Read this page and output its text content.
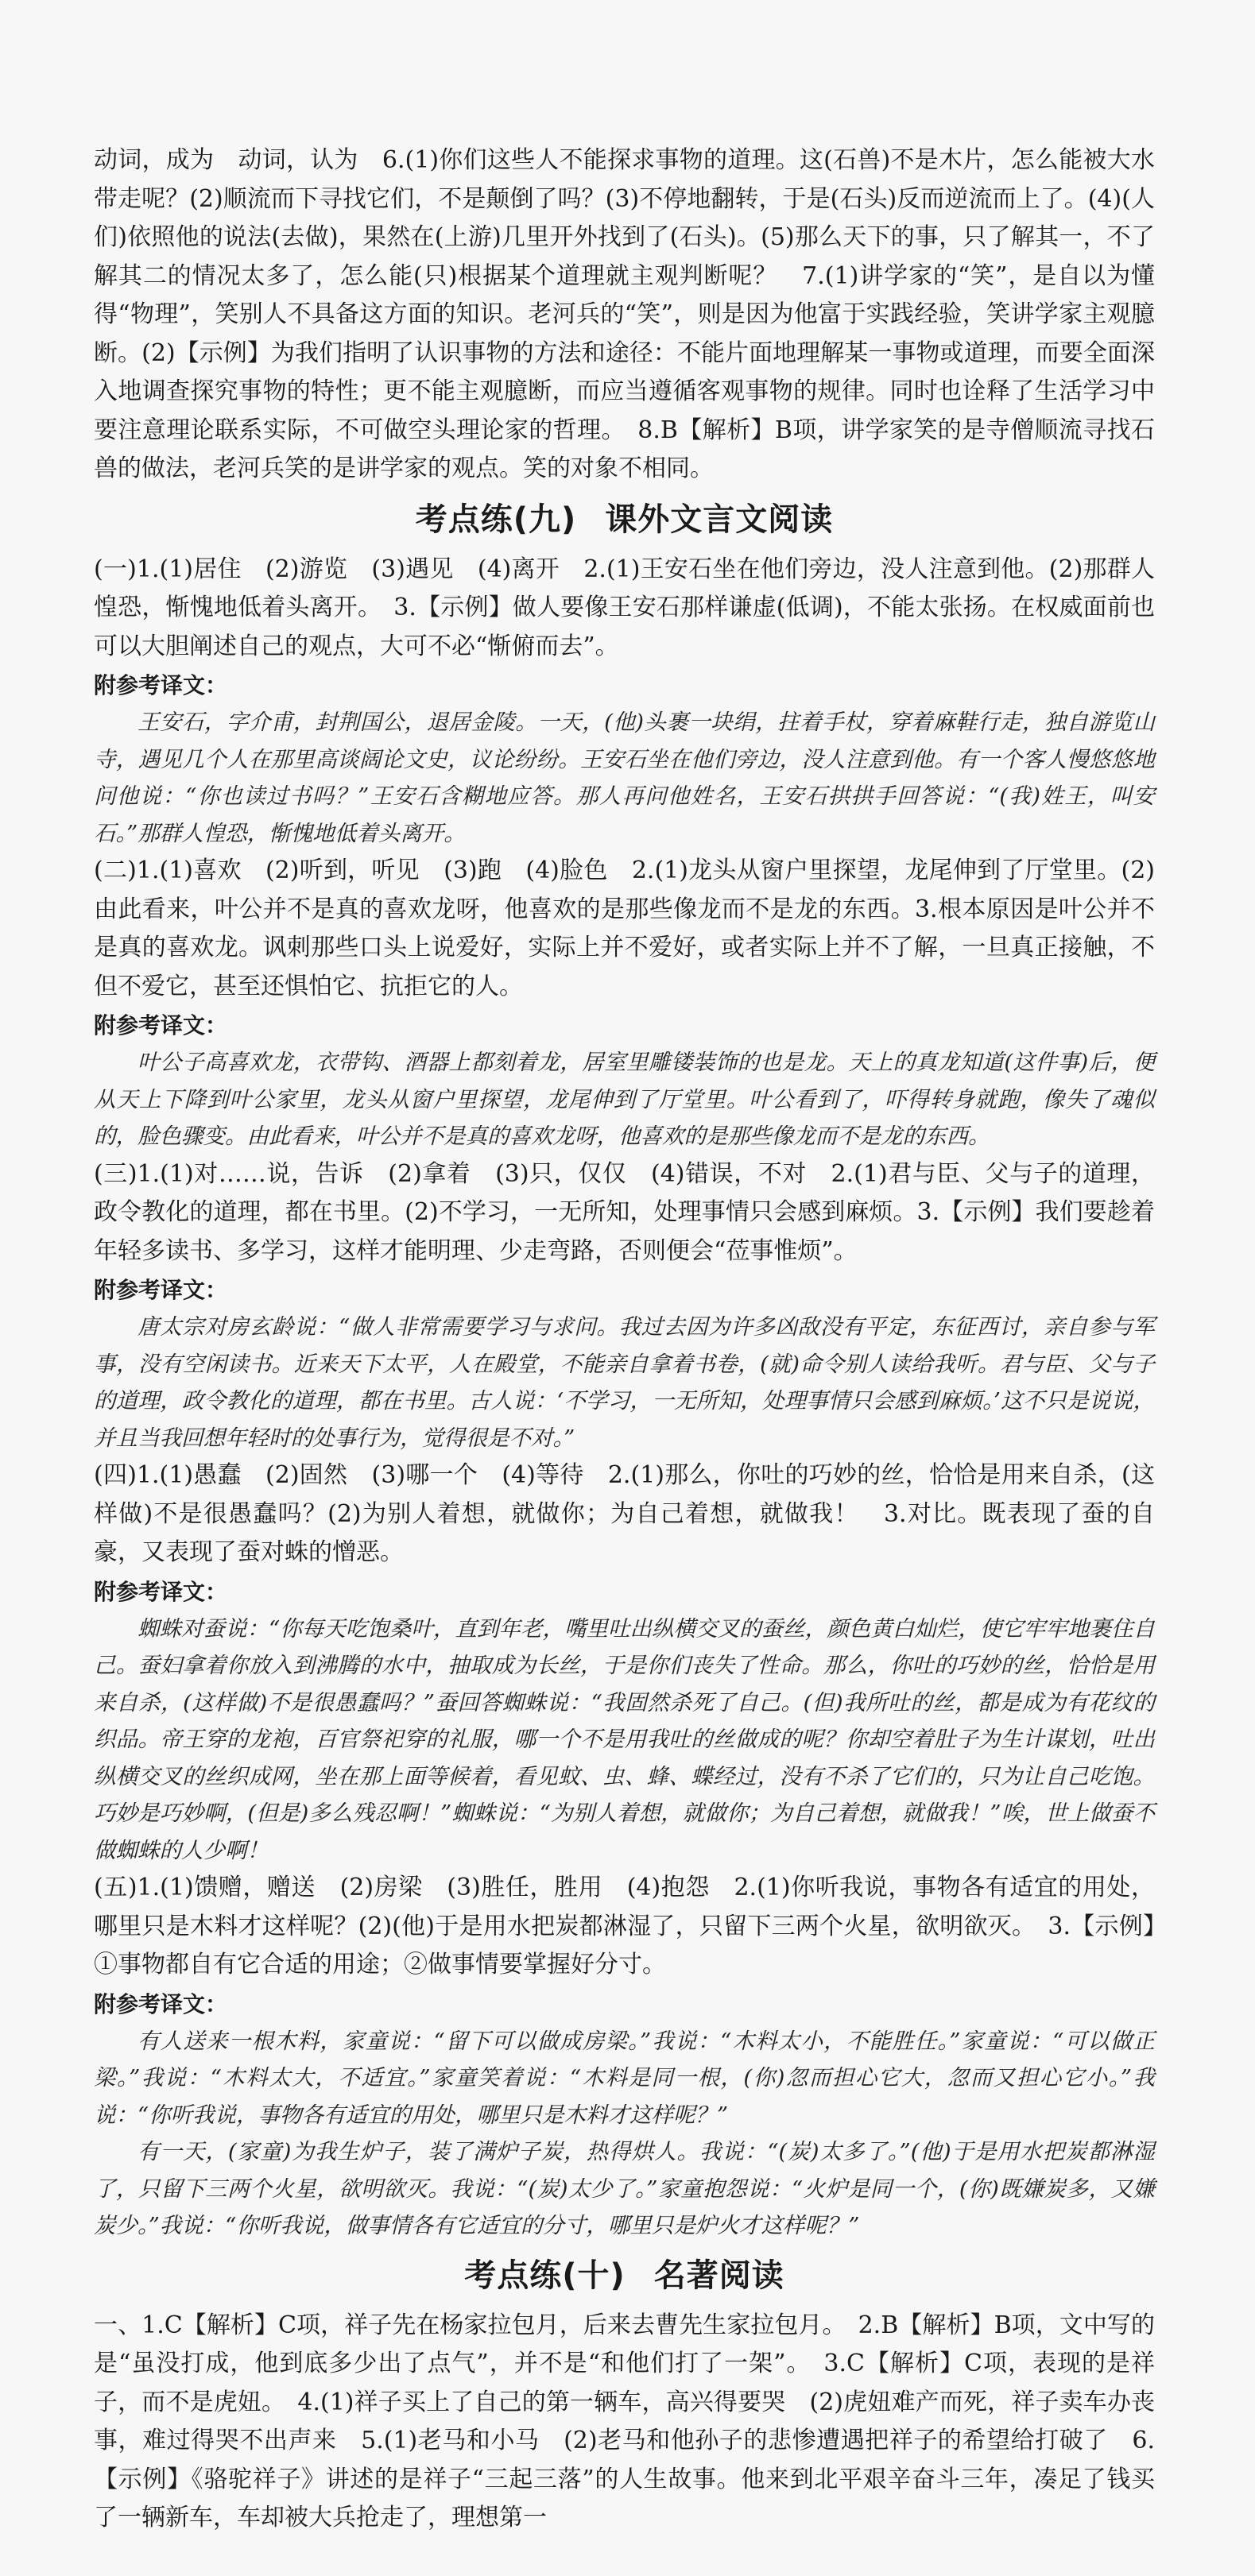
动词，成为　动词，认为　6.(1)你们这些人不能探求事物的道理。这(石兽)不是木片，怎么能被大水带走呢？(2)顺流而下寻找它们，不是颠倒了吗？(3)不停地翻转，于是(石头)反而逆流而上了。(4)(人们)依照他的说法(去做)，果然在(上游)几里开外找到了(石头)。(5)那么天下的事，只了解其一，不了解其二的情况太多了，怎么能(只)根据某个道理就主观判断呢？　7.(1)讲学家的“笑”，是自以为懂得“物理”，笑别人不具备这方面的知识。老河兵的“笑”，则是因为他富于实践经验，笑讲学家主观臆断。(2)【示例】为我们指明了认识事物的方法和途径：不能片面地理解某一事物或道理，而要全面深入地调查探究事物的特性；更不能主观臆断，而应当遵循客观事物的规律。同时也诠释了生活学习中要注意理论联系实际，不可做空头理论家的哲理。　8.B【解析】B项，讲学家笑的是寺僧顺流寻找石兽的做法，老河兵笑的是讲学家的观点。笑的对象不相同。

考点练(九) 课外文言文阅读

(一)1.(1)居住　(2)游览　(3)遇见　(4)离开　2.(1)王安石坐在他们旁边，没人注意到他。(2)那群人惶恐，惭愧地低着头离开。　3.【示例】做人要像王安石那样谦虚(低调)，不能太张扬。在权威面前也可以大胆阐述自己的观点，大可不必“惭俯而去”。

附参考译文：

王安石，字介甫，封荆国公，退居金陵。一天，(他)头裹一块绢，拄着手杖，穿着麻鞋行走，独自游览山寺，遇见几个人在那里高谈阔论文史，议论纷纷。王安石坐在他们旁边，没人注意到他。有一个客人慢悠悠地问他说：“你也读过书吗？”王安石含糊地应答。那人再问他姓名，王安石拱拱手回答说：“(我)姓王，叫安石。”那群人惶恐，惭愧地低着头离开。

(二)1.(1)喜欢　(2)听到，听见　(3)跑　(4)脸色　2.(1)龙头从窗户里探望，龙尾伸到了厅堂里。(2)由此看来，叶公并不是真的喜欢龙呀，他喜欢的是那些像龙而不是龙的东西。3.根本原因是叶公并不是真的喜欢龙。讽刺那些口头上说爱好，实际上并不爱好，或者实际上并不了解，一旦真正接触，不但不爱它，甚至还惧怕它、抗拒它的人。

附参考译文：

叶公子高喜欢龙，衣带钩、酒器上都刻着龙，居室里雕镂装饰的也是龙。天上的真龙知道(这件事)后，便从天上下降到叶公家里，龙头从窗户里探望，龙尾伸到了厅堂里。叶公看到了，吓得转身就跑，像失了魂似的，脸色骤变。由此看来，叶公并不是真的喜欢龙呀，他喜欢的是那些像龙而不是龙的东西。

(三)1.(1)对……说，告诉　(2)拿着　(3)只，仅仅　(4)错误，不对　2.(1)君与臣、父与子的道理，政令教化的道理，都在书里。(2)不学习，一无所知，处理事情只会感到麻烦。3.【示例】我们要趁着年轻多读书、多学习，这样才能明理、少走弯路，否则便会“莅事惟烦”。

附参考译文：

唐太宗对房玄龄说：“做人非常需要学习与求问。我过去因为许多凶敌没有平定，东征西讨，亲自参与军事，没有空闲读书。近来天下太平，人在殿堂，不能亲自拿着书卷，(就)命令别人读给我听。君与臣、父与子的道理，政令教化的道理，都在书里。古人说：‘不学习，一无所知，处理事情只会感到麻烦。’这不只是说说，并且当我回想年轻时的处事行为，觉得很是不对。”

(四)1.(1)愚蠢　(2)固然　(3)哪一个　(4)等待　2.(1)那么，你吐的巧妙的丝，恰恰是用来自杀，(这样做)不是很愚蠢吗？(2)为别人着想，就做你；为自己着想，就做我！　3.对比。既表现了蚕的自豪，又表现了蚕对蛛的憎恶。

附参考译文：

蜘蛛对蚕说：“你每天吃饱桑叶，直到年老，嘴里吐出纵横交叉的蚕丝，颜色黄白灿烂，使它牢牢地裹住自己。蚕妇拿着你放入到沸腾的水中，抽取成为长丝，于是你们丧失了性命。那么，你吐的巧妙的丝，恰恰是用来自杀，(这样做)不是很愚蠢吗？”蚕回答蜘蛛说：“我固然杀死了自己。(但)我所吐的丝，都是成为有花纹的织品。帝王穿的龙袍，百官祭祀穿的礼服，哪一个不是用我吐的丝做成的呢？你却空着肚子为生计谋划，吐出纵横交叉的丝织成网，坐在那上面等候着，看见蚊、虫、蜂、蝶经过，没有不杀了它们的，只为让自己吃饱。巧妙是巧妙啊，(但是)多么残忍啊！”蜘蛛说：“为别人着想，就做你；为自己着想，就做我！”唉，世上做蚕不做蜘蛛的人少啊！

(五)1.(1)馈赠，赠送　(2)房梁　(3)胜任，胜用　(4)抱怨　2.(1)你听我说，事物各有适宜的用处，哪里只是木料才这样呢？(2)(他)于是用水把炭都淋湿了，只留下三两个火星，欲明欲灭。　3.【示例】①事物都自有它合适的用途；②做事情要掌握好分寸。

附参考译文：

有人送来一根木料，家童说：“留下可以做成房梁。”我说：“木料太小，不能胜任。”家童说：“可以做正梁。”我说：“木料太大，不适宜。”家童笑着说：“木料是同一根，(你)忽而担心它大，忽而又担心它小。”我说：“你听我说，事物各有适宜的用处，哪里只是木料才这样呢？”

有一天，(家童)为我生炉子，装了满炉子炭，热得烘人。我说：“(炭)太多了。”(他)于是用水把炭都淋湿了，只留下三两个火星，欲明欲灭。我说：“(炭)太少了。”家童抱怨说：“火炉是同一个，(你)既嫌炭多，又嫌炭少。”我说：“你听我说，做事情各有它适宜的分寸，哪里只是炉火才这样呢？”

考点练(十) 名著阅读

一、1.C【解析】C项，祥子先在杨家拉包月，后来去曹先生家拉包月。　2.B【解析】B项，文中写的是“虽没打成，他到底多少出了点气”，并不是“和他们打了一架”。　3.C【解析】C项，表现的是祥子，而不是虎妞。　4.(1)祥子买上了自己的第一辆车，高兴得要哭　(2)虎妞难产而死，祥子卖车办丧事，难过得哭不出声来　5.(1)老马和小马　(2)老马和他孙子的悲惨遭遇把祥子的希望给打破了　6.【示例】《骆驼祥子》讲述的是祥子“三起三落”的人生故事。他来到北平艰辛奋斗三年，凑足了钱买了一辆新车，车却被大兵抢走了，理想第一
